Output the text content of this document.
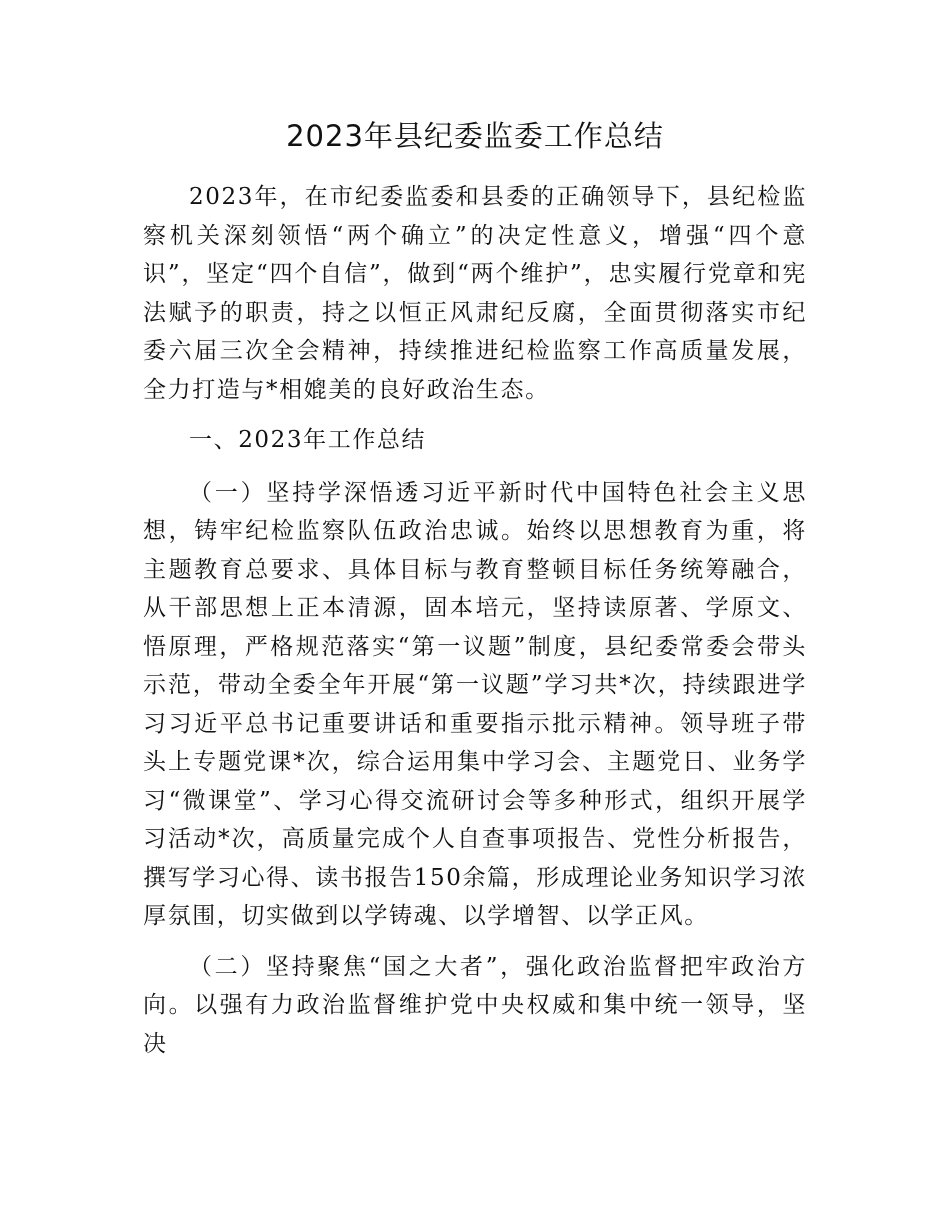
2023年县纪委监委工作总结

2023年，在市纪委监委和县委的正确领导下，县纪检监察机关深刻领悟“两个确立”的决定性意义，增强“四个意识”，坚定“四个自信”，做到“两个维护”，忠实履行党章和宪法赋予的职责，持之以恒正风肃纪反腐，全面贯彻落实市纪委六届三次全会精神，持续推进纪检监察工作高质量发展，全力打造与*相媲美的良好政治生态。

一、2023年工作总结

（一）坚持学深悟透习近平新时代中国特色社会主义思想，铸牢纪检监察队伍政治忠诚。始终以思想教育为重，将主题教育总要求、具体目标与教育整顿目标任务统筹融合，从干部思想上正本清源，固本培元，坚持读原著、学原文、悟原理，严格规范落实“第一议题”制度，县纪委常委会带头示范，带动全委全年开展“第一议题”学习共*次，持续跟进学习习近平总书记重要讲话和重要指示批示精神。领导班子带头上专题党课*次，综合运用集中学习会、主题党日、业务学习“微课堂”、学习心得交流研讨会等多种形式，组织开展学习活动*次，高质量完成个人自查事项报告、党性分析报告，撰写学习心得、读书报告150余篇，形成理论业务知识学习浓厚氛围，切实做到以学铸魂、以学增智、以学正风。

（二）坚持聚焦“国之大者”，强化政治监督把牢政治方向。以强有力政治监督维护党中央权威和集中统一领导，坚决
